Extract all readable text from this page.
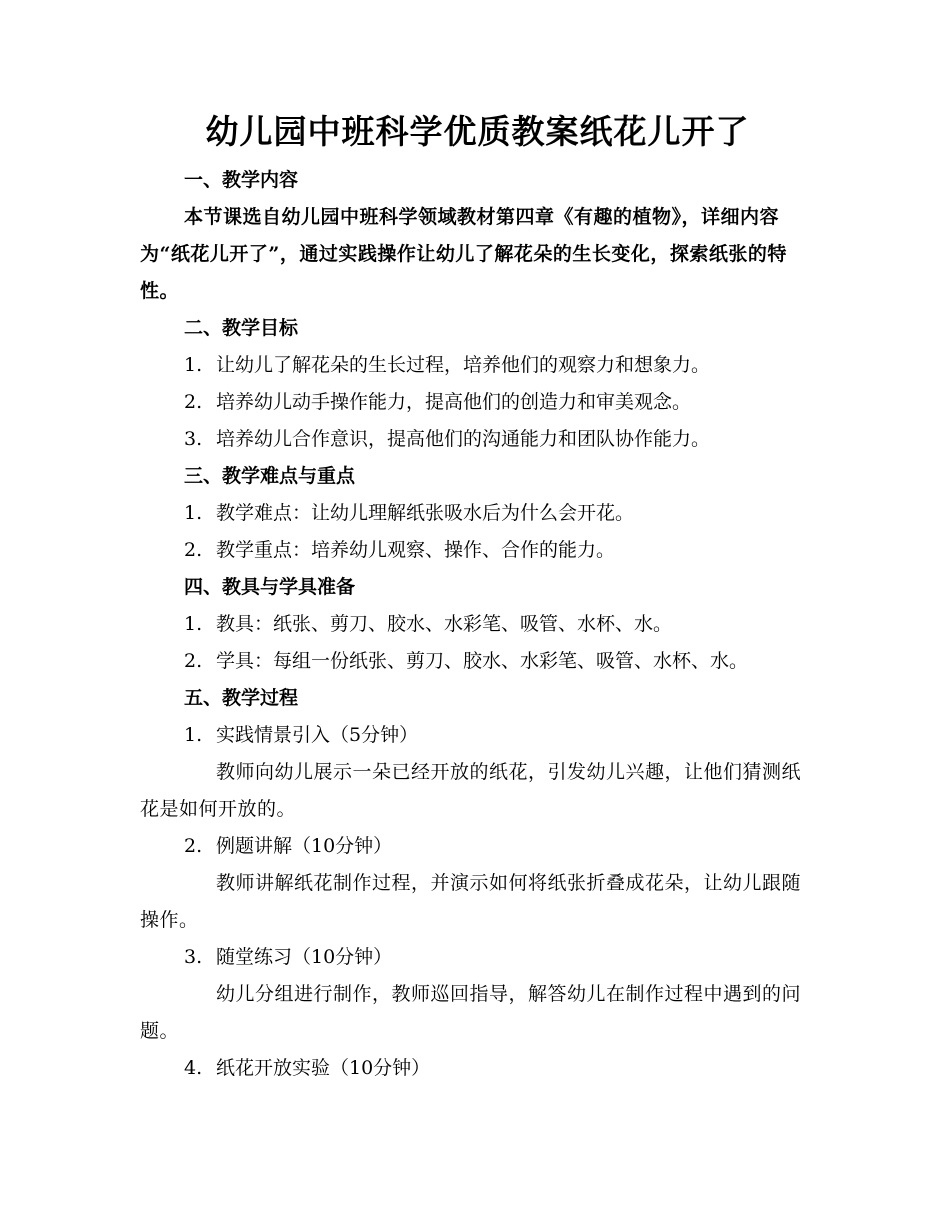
幼儿园中班科学优质教案纸花儿开了

一、教学内容

本节课选自幼儿园中班科学领域教材第四章《有趣的植物》，详细内容为“纸花儿开了”，通过实践操作让幼儿了解花朵的生长变化，探索纸张的特性。

二、教学目标

1. 让幼儿了解花朵的生长过程，培养他们的观察力和想象力。

2. 培养幼儿动手操作能力，提高他们的创造力和审美观念。

3. 培养幼儿合作意识，提高他们的沟通能力和团队协作能力。

三、教学难点与重点

1. 教学难点：让幼儿理解纸张吸水后为什么会开花。

2. 教学重点：培养幼儿观察、操作、合作的能力。

四、教具与学具准备

1. 教具：纸张、剪刀、胶水、水彩笔、吸管、水杯、水。

2. 学具：每组一份纸张、剪刀、胶水、水彩笔、吸管、水杯、水。

五、教学过程

1. 实践情景引入（5分钟）

教师向幼儿展示一朵已经开放的纸花，引发幼儿兴趣，让他们猜测纸花是如何开放的。

2. 例题讲解（10分钟）

教师讲解纸花制作过程，并演示如何将纸张折叠成花朵，让幼儿跟随操作。

3. 随堂练习（10分钟）

幼儿分组进行制作，教师巡回指导，解答幼儿在制作过程中遇到的问题。

4. 纸花开放实验（10分钟）
